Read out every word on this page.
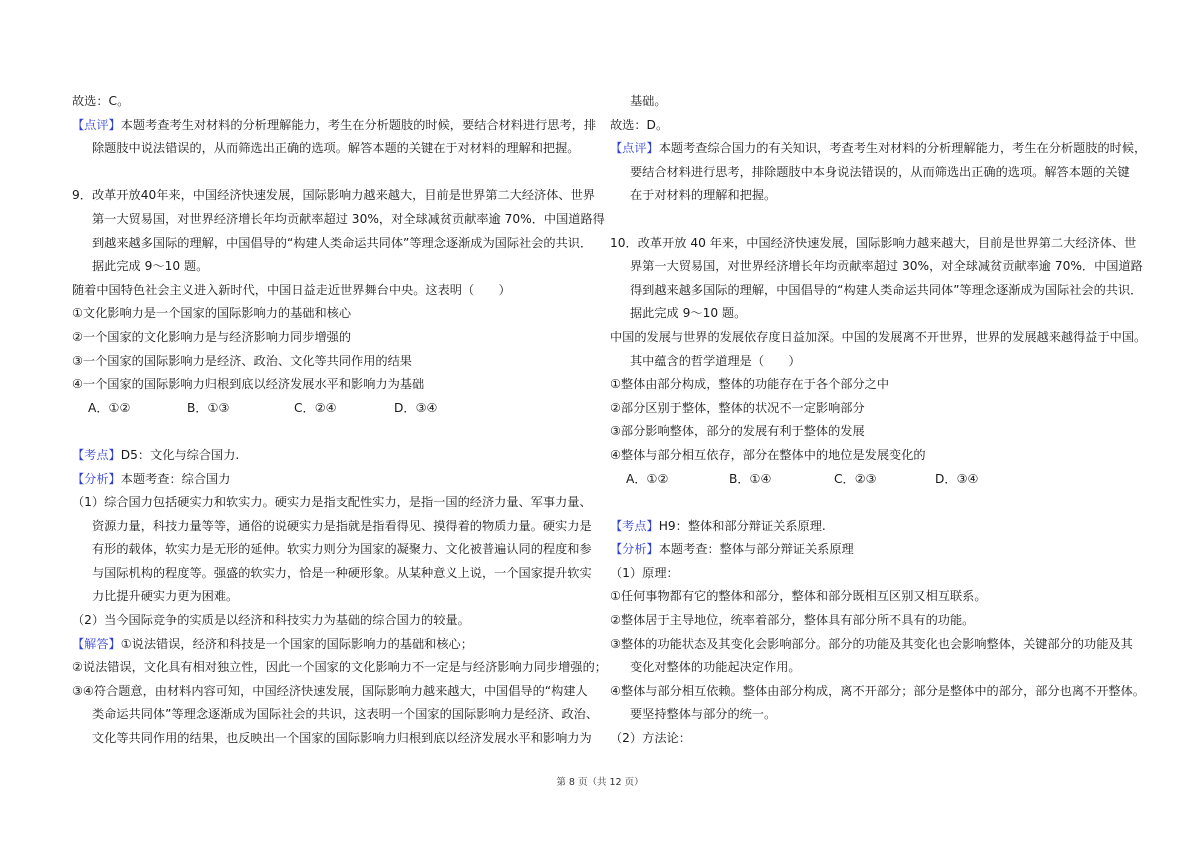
故选：C。
【点评】本题考查考生对材料的分析理解能力，考生在分析题肢的时候，要结合材料进行思考，排
除题肢中说法错误的，从而筛选出正确的选项。解答本题的关键在于对材料的理解和把握。
9．改革开放40年来，中国经济快速发展，国际影响力越来越大，目前是世界第二大经济体、世界
第一大贸易国，对世界经济增长年均贡献率超过 30%，对全球减贫贡献率逾 70%．中国道路得
到越来越多国际的理解，中国倡导的“构建人类命运共同体”等理念逐渐成为国际社会的共识．
据此完成 9～10 题。
随着中国特色社会主义进入新时代，中国日益走近世界舞台中央。这表明（　　）
①文化影响力是一个国家的国际影响力的基础和核心
②一个国家的文化影响力是与经济影响力同步增强的
③一个国家的国际影响力是经济、政治、文化等共同作用的结果
④一个国家的国际影响力归根到底以经济发展水平和影响力为基础
A．①②	B．①③	C．②④	D．③④
【考点】D5：文化与综合国力.
【分析】本题考查：综合国力
（1）综合国力包括硬实力和软实力。硬实力是指支配性实力，是指一国的经济力量、军事力量、
资源力量，科技力量等等，通俗的说硬实力是指就是指看得见、摸得着的物质力量。硬实力是
有形的载体，软实力是无形的延伸。软实力则分为国家的凝聚力、文化被普遍认同的程度和参
与国际机构的程度等。强盛的软实力，恰是一种硬形象。从某种意义上说，一个国家提升软实
力比提升硬实力更为困难。
（2）当今国际竞争的实质是以经济和科技实力为基础的综合国力的较量。
【解答】①说法错误，经济和科技是一个国家的国际影响力的基础和核心；
②说法错误，文化具有相对独立性，因此一个国家的文化影响力不一定是与经济影响力同步增强的；
③④符合题意，由材料内容可知，中国经济快速发展，国际影响力越来越大，中国倡导的“构建人
类命运共同体”等理念逐渐成为国际社会的共识，这表明一个国家的国际影响力是经济、政治、
文化等共同作用的结果，也反映出一个国家的国际影响力归根到底以经济发展水平和影响力为
基础。
故选：D。
【点评】本题考查综合国力的有关知识，考查考生对材料的分析理解能力，考生在分析题肢的时候，
要结合材料进行思考，排除题肢中本身说法错误的，从而筛选出正确的选项。解答本题的关键
在于对材料的理解和把握。
10．改革开放 40 年来，中国经济快速发展，国际影响力越来越大，目前是世界第二大经济体、世
界第一大贸易国，对世界经济增长年均贡献率超过 30%，对全球减贫贡献率逾 70%．中国道路
得到越来越多国际的理解，中国倡导的“构建人类命运共同体”等理念逐渐成为国际社会的共识．
据此完成 9～10 题。
中国的发展与世界的发展依存度日益加深。中国的发展离不开世界，世界的发展越来越得益于中国。
其中蕴含的哲学道理是（　　）
①整体由部分构成，整体的功能存在于各个部分之中
②部分区别于整体，整体的状况不一定影响部分
③部分影响整体，部分的发展有利于整体的发展
④整体与部分相互依存，部分在整体中的地位是发展变化的
A．①②	B．①④	C．②③	D．③④
【考点】H9：整体和部分辩证关系原理.
【分析】本题考查：整体与部分辩证关系原理
（1）原理：
①任何事物都有它的整体和部分，整体和部分既相互区别又相互联系。
②整体居于主导地位，统率着部分，整体具有部分所不具有的功能。
③整体的功能状态及其变化会影响部分。部分的功能及其变化也会影响整体，关键部分的功能及其
变化对整体的功能起决定作用。
④整体与部分相互依赖。整体由部分构成，离不开部分；部分是整体中的部分，部分也离不开整体。
要坚持整体与部分的统一。
（2）方法论：
第 8 页（共 12 页）
